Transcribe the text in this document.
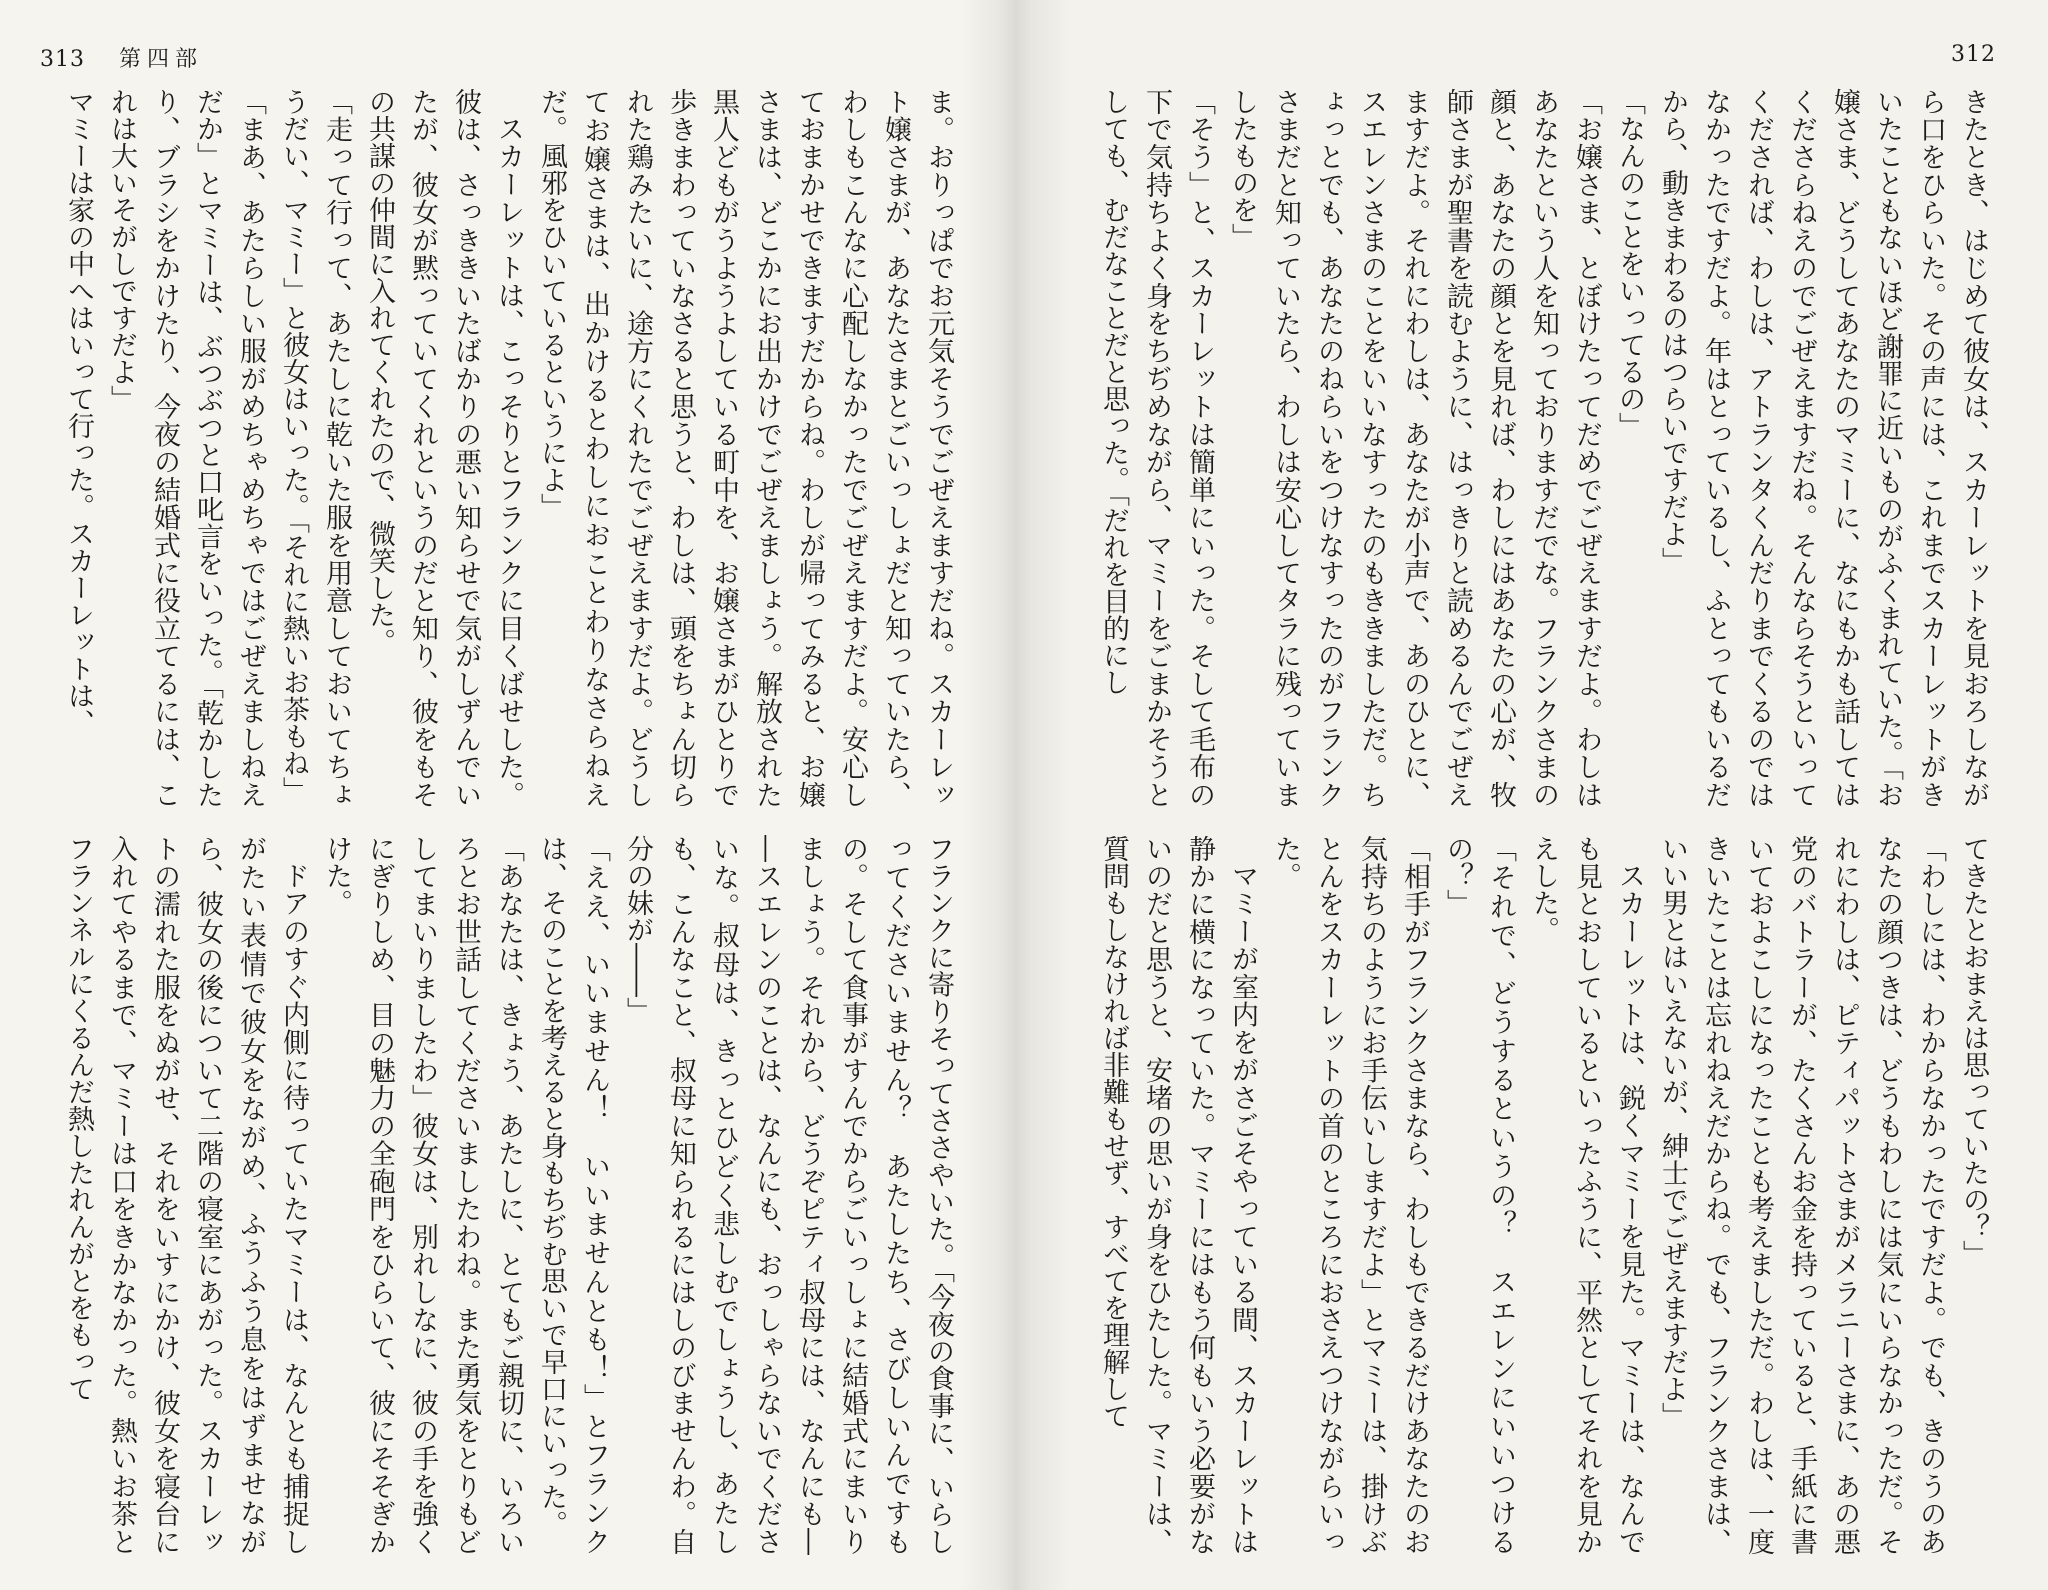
313 第四部

ま。おりっぱでお元気そうでごぜえますだね。スカーレット嬢さまが、あなたさまとごいっしょだと知っていたら、わしもこんなに心配しなかったでごぜえますだよ。安心しておまかせできますだからね。わしが帰ってみると、お嬢さまは、どこかにお出かけでごぜえましょう。解放された黒人どもがうようよしている町中を、お嬢さまがひとりで歩きまわっていなさると思うと、わしは、頭をちょん切られた鶏みたいに、途方にくれたでごぜえますだよ。どうしてお嬢さまは、出かけるとわしにおことわりなさらねえだ。風邪をひいているというによ」

スカーレットは、こっそりとフランクに目くばせした。彼は、さっききいたばかりの悪い知らせで気がしずんでいたが、彼女が黙っていてくれというのだと知り、彼をもその共謀の仲間に入れてくれたので、微笑した。

「走って行って、あたしに乾いた服を用意しておいてちょうだい、マミー」と彼女はいった。「それに熱いお茶もね」

「まあ、あたらしい服がめちゃめちゃではごぜえましねえだか」とマミーは、ぶつぶつと口叱言をいった。「乾かしたり、ブラシをかけたり、今夜の結婚式に役立てるには、これは大いそがしですだよ」

マミーは家の中へはいって行った。スカーレットは、

フランクに寄りそってささやいた。「今夜の食事に、いらしってくださいません？　あたしたち、さびしいんですもの。そして食事がすんでからごいっしょに結婚式にまいりましょう。それから、どうぞピティ叔母には、なんにも――スエレンのことは、なんにも、おっしゃらないでくださいな。叔母は、きっとひどく悲しむでしょうし、あたしも、こんなこと、叔母に知られるにはしのびませんわ。自分の妹が――」

「ええ、いいません！　いいませんとも！」とフランクは、そのことを考えると身もちぢむ思いで早口にいった。

「あなたは、きょう、あたしに、とてもご親切に、いろいろとお世話してくださいましたわね。また勇気をとりもどしてまいりましたわ」彼女は、別れしなに、彼の手を強くにぎりしめ、目の魅力の全砲門をひらいて、彼にそそぎかけた。

ドアのすぐ内側に待っていたマミーは、なんとも捕捉しがたい表情で彼女をながめ、ふうふう息をはずませながら、彼女の後について二階の寝室にあがった。スカーレットの濡れた服をぬがせ、それをいすにかけ、彼女を寝台に入れてやるまで、マミーは口をきかなかった。熱いお茶とフランネルにくるんだ熱したれんがとをもって

312

きたとき、はじめて彼女は、スカーレットを見おろしながら口をひらいた。その声には、これまでスカーレットがきいたこともないほど謝罪に近いものがふくまれていた。「お嬢さま、どうしてあなたのマミーに、なにもかも話してはくださらねえのでごぜえますだね。そんならそうといってくだされば、わしは、アトランタくんだりまでくるのではなかったですだよ。年はとっているし、ふとってもいるだから、動きまわるのはつらいですだよ」

「なんのことをいってるの」

「お嬢さま、とぼけたってだめでごぜえますだよ。わしはあなたという人を知っておりますだでな。フランクさまの顔と、あなたの顔とを見れば、わしにはあなたの心が、牧師さまが聖書を読むように、はっきりと読めるんでごぜえますだよ。それにわしは、あなたが小声で、あのひとに、スエレンさまのことをいいなすったのもききましただ。ちょっとでも、あなたのねらいをつけなすったのがフランクさまだと知っていたら、わしは安心してタラに残っていましたものを」

「そう」と、スカーレットは簡単にいった。そして毛布の下で気持ちよく身をちぢめながら、マミーをごまかそうとしても、むだなことだと思った。「だれを目的にし

てきたとおまえは思っていたの？」

「わしには、わからなかったですだよ。でも、きのうのあなたの顔つきは、どうもわしには気にいらなかっただ。それにわしは、ピティパットさまがメラニーさまに、あの悪党のバトラーが、たくさんお金を持っていると、手紙に書いておよこしになったことも考えましただ。わしは、一度きいたことは忘れねえだからね。でも、フランクさまは、いい男とはいえないが、紳士でごぜえますだよ」

スカーレットは、鋭くマミーを見た。マミーは、なんでも見とおしているといったふうに、平然としてそれを見かえした。

「それで、どうするというの？　スエレンにいいつけるの？」

「相手がフランクさまなら、わしもできるだけあなたのお気持ちのようにお手伝いしますだよ」とマミーは、掛けぶとんをスカーレットの首のところにおさえつけながらいった。

マミーが室内をがさごそやっている間、スカーレットは静かに横になっていた。マミーにはもう何もいう必要がないのだと思うと、安堵の思いが身をひたした。マミーは、質問もしなければ非難もせず、すべてを理解して
